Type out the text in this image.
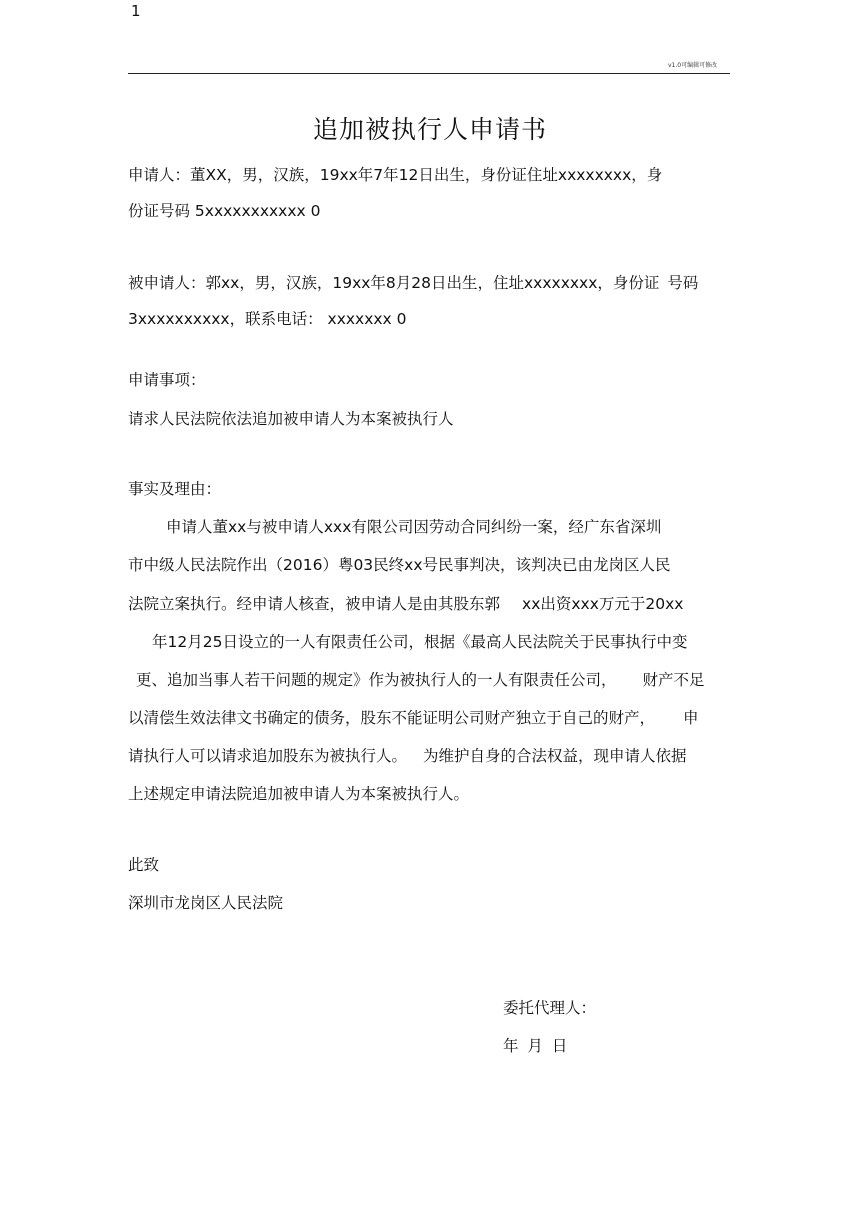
1
v1.0可编辑可修改
追加被执行人申请书
申请人：董XX，男，汉族，19xx年7年12日出生，身份证住址xxxxxxxx，身
份证号码 5xxxxxxxxxxx 0
被申请人：郭xx，男，汉族，19xx年8月28日出生，住址xxxxxxxx，身份证 号码
3xxxxxxxxxx，联系电话： xxxxxxx 0
申请事项：
请求人民法院依法追加被申请人为本案被执行人
事实及理由：
申请人董xx与被申请人xxx有限公司因劳动合同纠纷一案，经广东省深圳
市中级人民法院作出（2016）粤03民终xx号民事判决，该判决已由龙岗区人民
法院立案执行。经申请人核查，被申请人是由其股东郭 xx出资xxx万元于20xx
年12月25日设立的一人有限责任公司，根据《最高人民法院关于民事执行中变
更、追加当事人若干问题的规定》作为被执行人的一人有限责任公司， 财产不足
以清偿生效法律文书确定的债务，股东不能证明公司财产独立于自己的财产， 申
请执行人可以请求追加股东为被执行人。 为维护自身的合法权益，现申请人依据
上述规定申请法院追加被申请人为本案被执行人。
此致
深圳市龙岗区人民法院
委托代理人：
年 月 日
